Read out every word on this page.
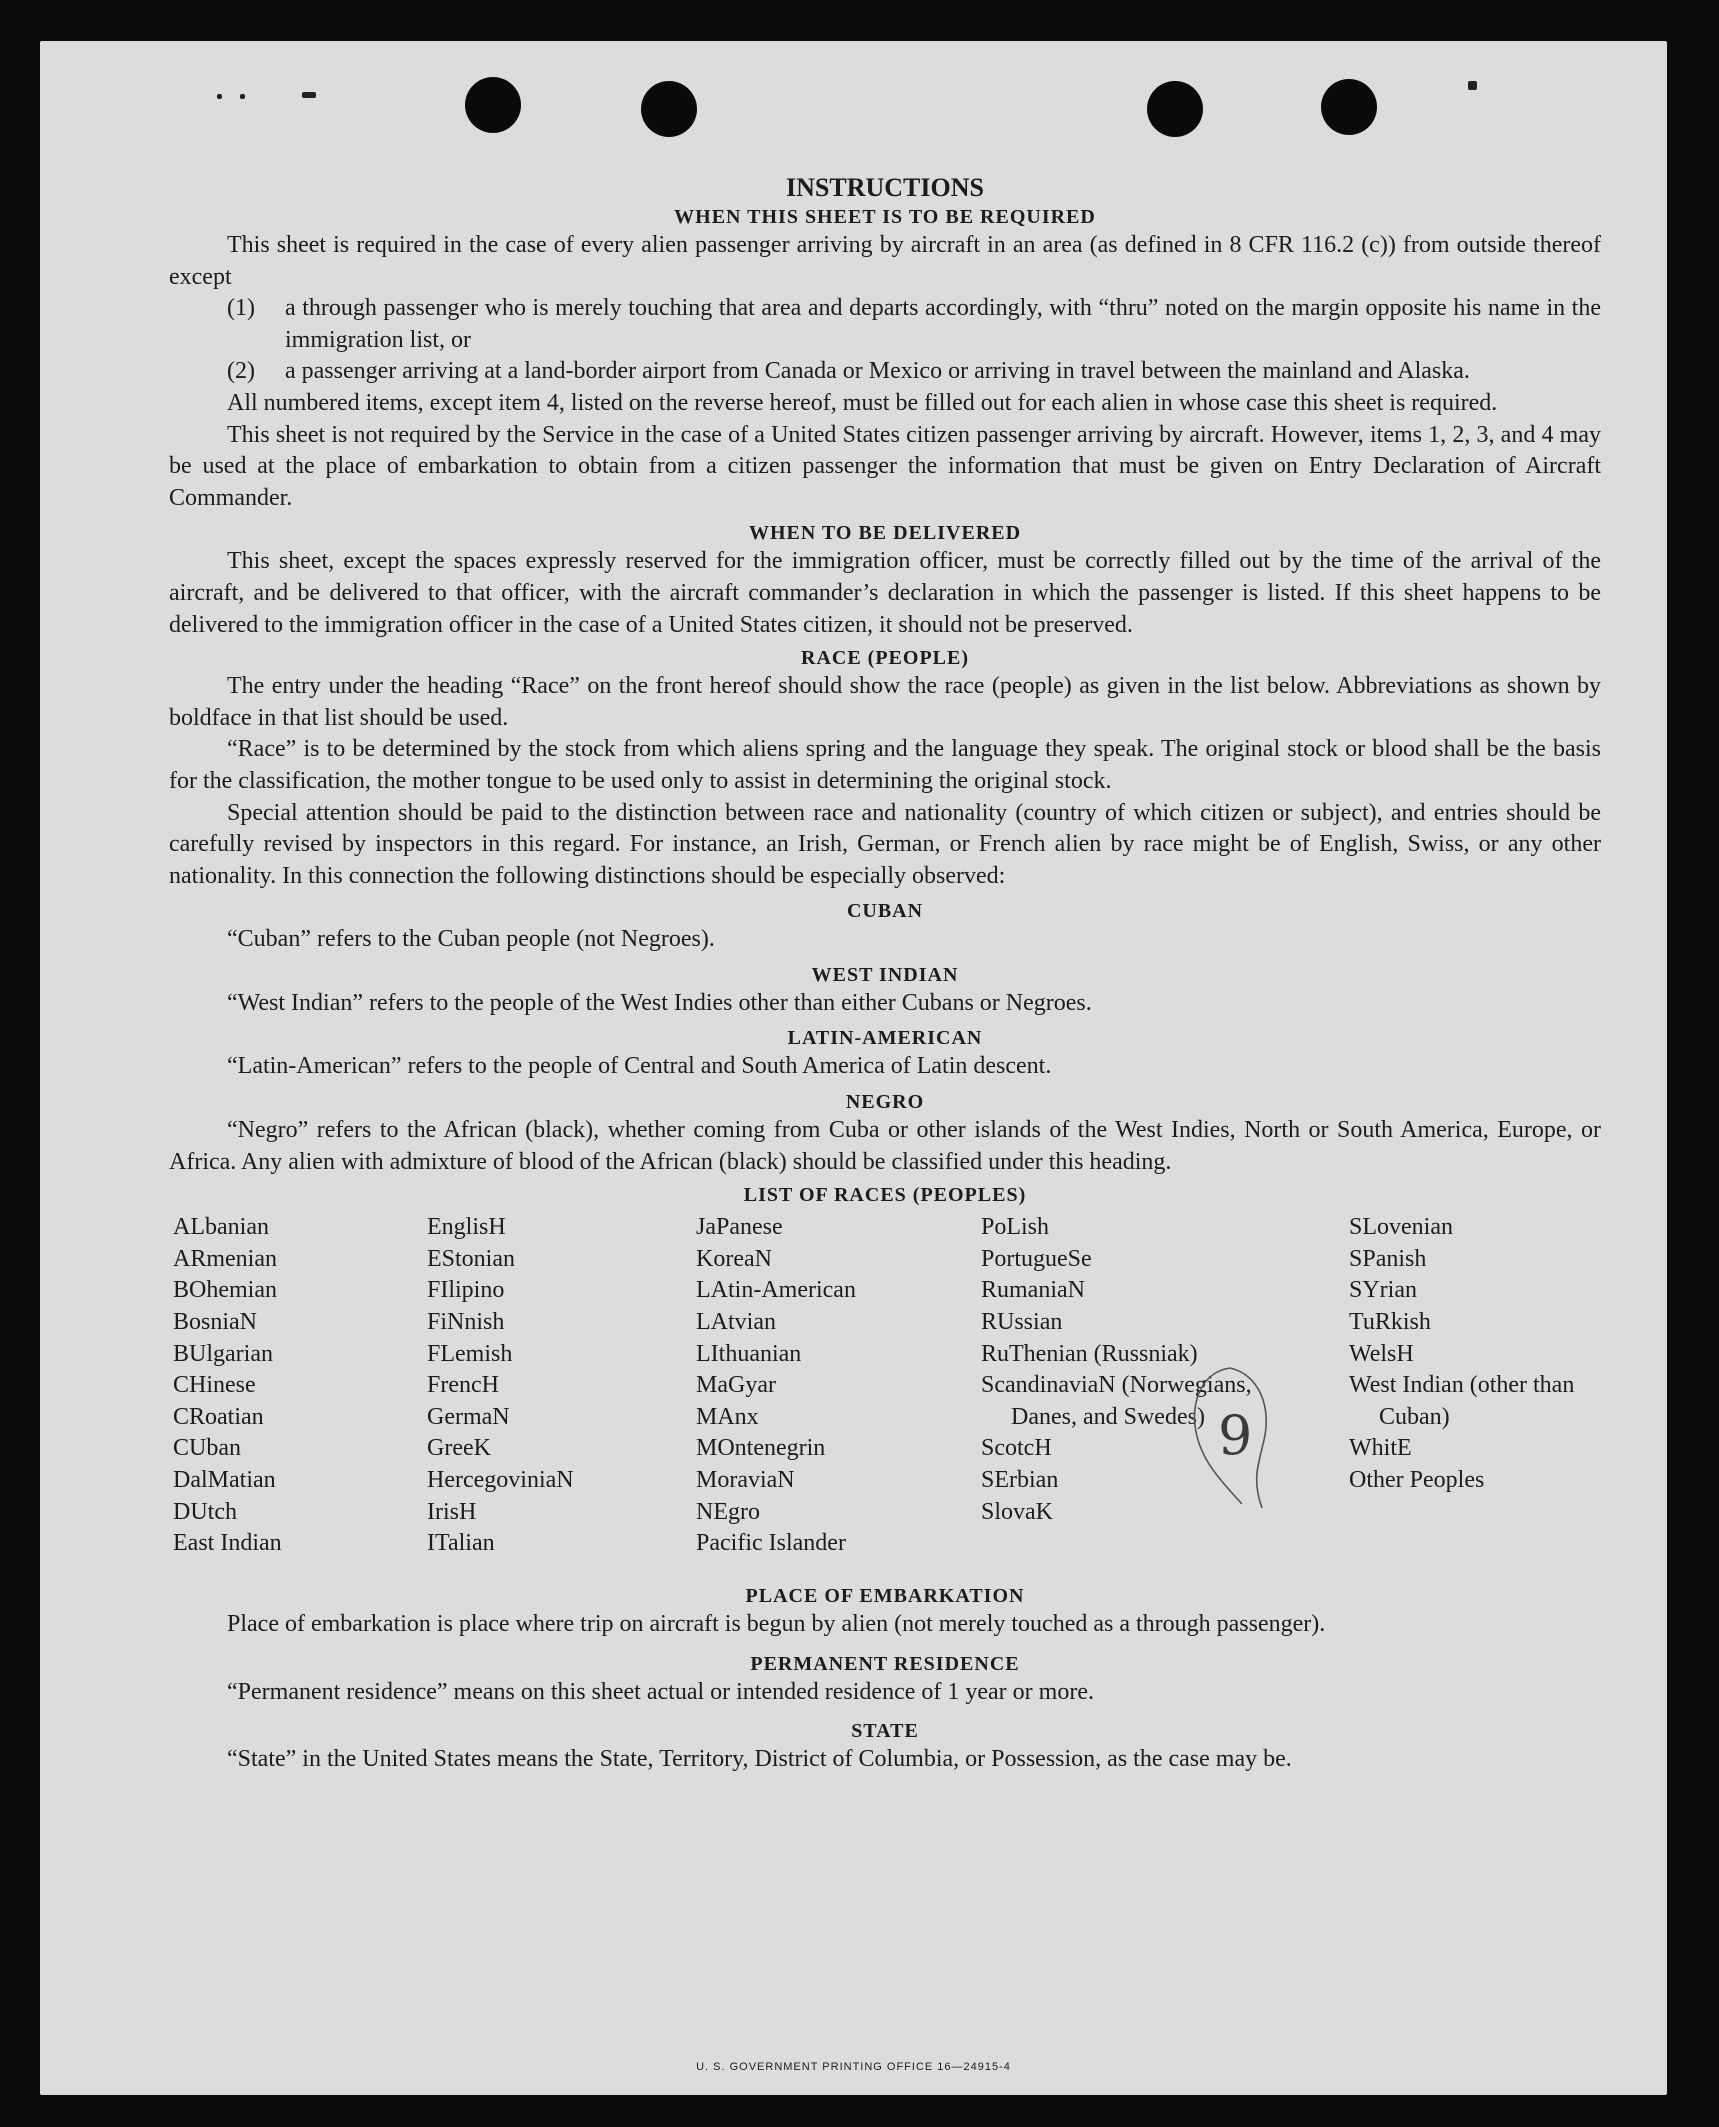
INSTRUCTIONS
WHEN THIS SHEET IS TO BE REQUIRED

This sheet is required in the case of every alien passenger arriving by aircraft in an area (as defined in 8 CFR 116.2 (c)) from outside thereof except

(1)	a through passenger who is merely touching that area and departs accordingly, with “thru” noted on the margin opposite his name in the immigration list, or
(2)	a passenger arriving at a land-border airport from Canada or Mexico or arriving in travel between the mainland and Alaska.

All numbered items, except item 4, listed on the reverse hereof, must be filled out for each alien in whose case this sheet is required.

This sheet is not required by the Service in the case of a United States citizen passenger arriving by aircraft. However, items 1, 2, 3, and 4 may be used at the place of embarkation to obtain from a citizen passenger the information that must be given on Entry Declaration of Aircraft Commander.

WHEN TO BE DELIVERED

This sheet, except the spaces expressly reserved for the immigration officer, must be correctly filled out by the time of the arrival of the aircraft, and be delivered to that officer, with the aircraft commander’s declaration in which the passenger is listed. If this sheet happens to be delivered to the immigration officer in the case of a United States citizen, it should not be preserved.

RACE (PEOPLE)

The entry under the heading “Race” on the front hereof should show the race (people) as given in the list below. Abbreviations as shown by boldface in that list should be used.

“Race” is to be determined by the stock from which aliens spring and the language they speak. The original stock or blood shall be the basis for the classification, the mother tongue to be used only to assist in determining the original stock.

Special attention should be paid to the distinction between race and nationality (country of which citizen or subject), and entries should be carefully revised by inspectors in this regard. For instance, an Irish, German, or French alien by race might be of English, Swiss, or any other nationality. In this connection the following distinctions should be especially observed:

CUBAN

“Cuban” refers to the Cuban people (not Negroes).

WEST INDIAN

“West Indian” refers to the people of the West Indies other than either Cubans or Negroes.

LATIN-AMERICAN

“Latin-American” refers to the people of Central and South America of Latin descent.

NEGRO

“Negro” refers to the African (black), whether coming from Cuba or other islands of the West Indies, North or South America, Europe, or Africa. Any alien with admixture of blood of the African (black) should be classified under this heading.

LIST OF RACES (PEOPLES)
ALbanian
ARmenian
BOhemian
BosniaN
BUlgarian
CHinese
CRoatian
CUban
DalMatian
DUtch
East Indian
EnglisH
EStonian
FIlipino
FiNnish
FLemish
FrencH
GermaN
GreeK
HercegoviniaN
IrisH
ITalian
JaPanese
KoreaN
LAtin-American
LAtvian
LIthuanian
MaGyar
MAnx
MOntenegrin
MoraviaN
NEgro
Pacific Islander
PoLish
PortugueSe
RumaniaN
RUssian
RuThenian (Russniak)
ScandinaviaN (Norwegians, Danes, and Swedes)
ScotcH
SErbian
SlovaK
SLovenian
SPanish
SYrian
TuRkish
WelsH
West Indian (other than Cuban)
WhitE
Other Peoples
PLACE OF EMBARKATION

Place of embarkation is place where trip on aircraft is begun by alien (not merely touched as a through passenger).

PERMANENT RESIDENCE

“Permanent residence” means on this sheet actual or intended residence of 1 year or more.

STATE

“State” in the United States means the State, Territory, District of Columbia, or Possession, as the case may be.

U. S. GOVERNMENT PRINTING OFFICE 16—24915-4
9
